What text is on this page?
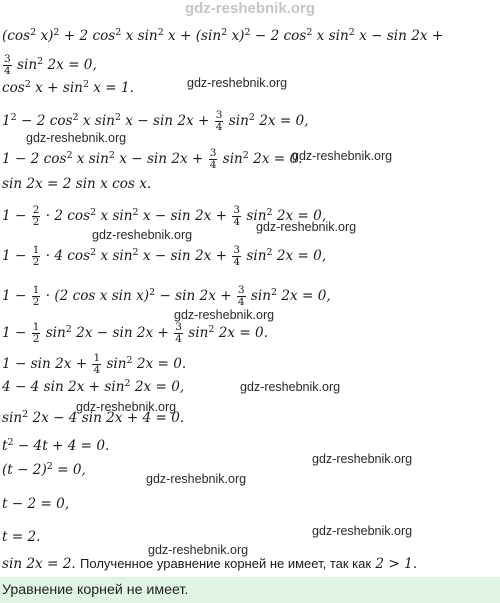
gdz-reshebnik.org
($\cos^2$ x)$^2$ + 2 $\cos^2 x$ $\sin^2 x + (\sin^2$ x)$^2$ − 2 $\cos^2 x$ $\sin^2 x - \sin 2x$ +
$\frac{3}{4} \sin^2 2x = 0$,
$\cos^2 x + \sin^2 x = 1$.
$1^2 - 2$ $\cos^2 x$ $\sin^2 x - \sin 2x + \frac{3}{4} \sin^2 2x = 0$,
1 − 2 $\cos^2 x$ $\sin^2 x - \sin 2x + \frac{3}{4} \sin^2 2x = 0$.
sin 2x = 2 sin x cos x.
$1 - \frac{2}{2} \cdot 2$ $\cos^2 x$ $\sin^2 x - \sin 2x + \frac{3}{4} \sin^2 2x = 0$,
$1 - \frac{1}{2} \cdot 4$ $\cos^2 x$ $\sin^2 x - \sin 2x + \frac{3}{4} \sin^2 2x = 0$,
$1 - \frac{1}{2} \cdot (2$ cos x $\sin x)^2 - \sin 2x + \frac{3}{4} \sin^2 2x = 0$,
$1 - \frac{1}{2} \sin^2 2x - \sin 2x + \frac{3}{4} \sin^2 2x = 0$.
$1 - \sin 2x + \frac{1}{4} \sin^2 2x = 0$.
4 − 4 $\sin 2x + \sin^2 2x = 0$,
$\sin^2 2x - 4$ sin 2x + 4 = 0.
$t^2 - 4t + 4 = 0$.
$(t - 2)^2 = 0$,
t − 2 = 0,
t = 2.
sin 2x = 2. Полученное уравнение корней не имеет, так как 2 > 1.
Уравнение корней не имеет.
gdz-reshebnik.org
gdz-reshebnik.org
gdz-reshebnik.org
gdz-reshebnik.org
gdz-reshebnik.org
gdz-reshebnik.org
gdz-reshebnik.org
gdz-reshebnik.org
gdz-reshebnik.org
gdz-reshebnik.org
gdz-reshebnik.org
gdz-reshebnik.org
